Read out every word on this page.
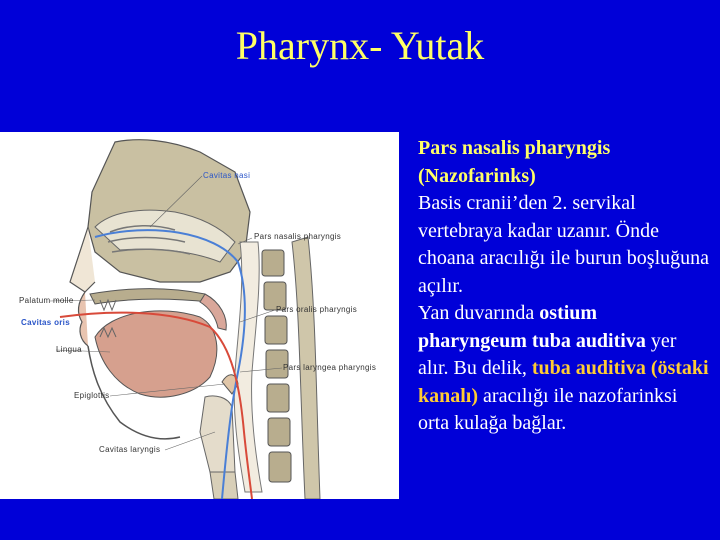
Pharynx- Yutak
Cavitas nasi
Pars nasalis pharyngis
Palatum molle
Cavitas oris
Pars oralis pharyngis
Lingua
Pars laryngea pharyngis
Epiglottis
Cavitas laryngis
Pars nasalis pharyngis
(Nazofarinks)
Basis cranii’den 2. servikal vertebraya kadar uzanır. Önde choana aracılığı ile burun boşluğuna açılır.
Yan duvarında ostium pharyngeum tuba auditiva yer alır. Bu delik, tuba auditiva (östaki kanalı) aracılığı ile nazofarinksi orta kulağa bağlar.
